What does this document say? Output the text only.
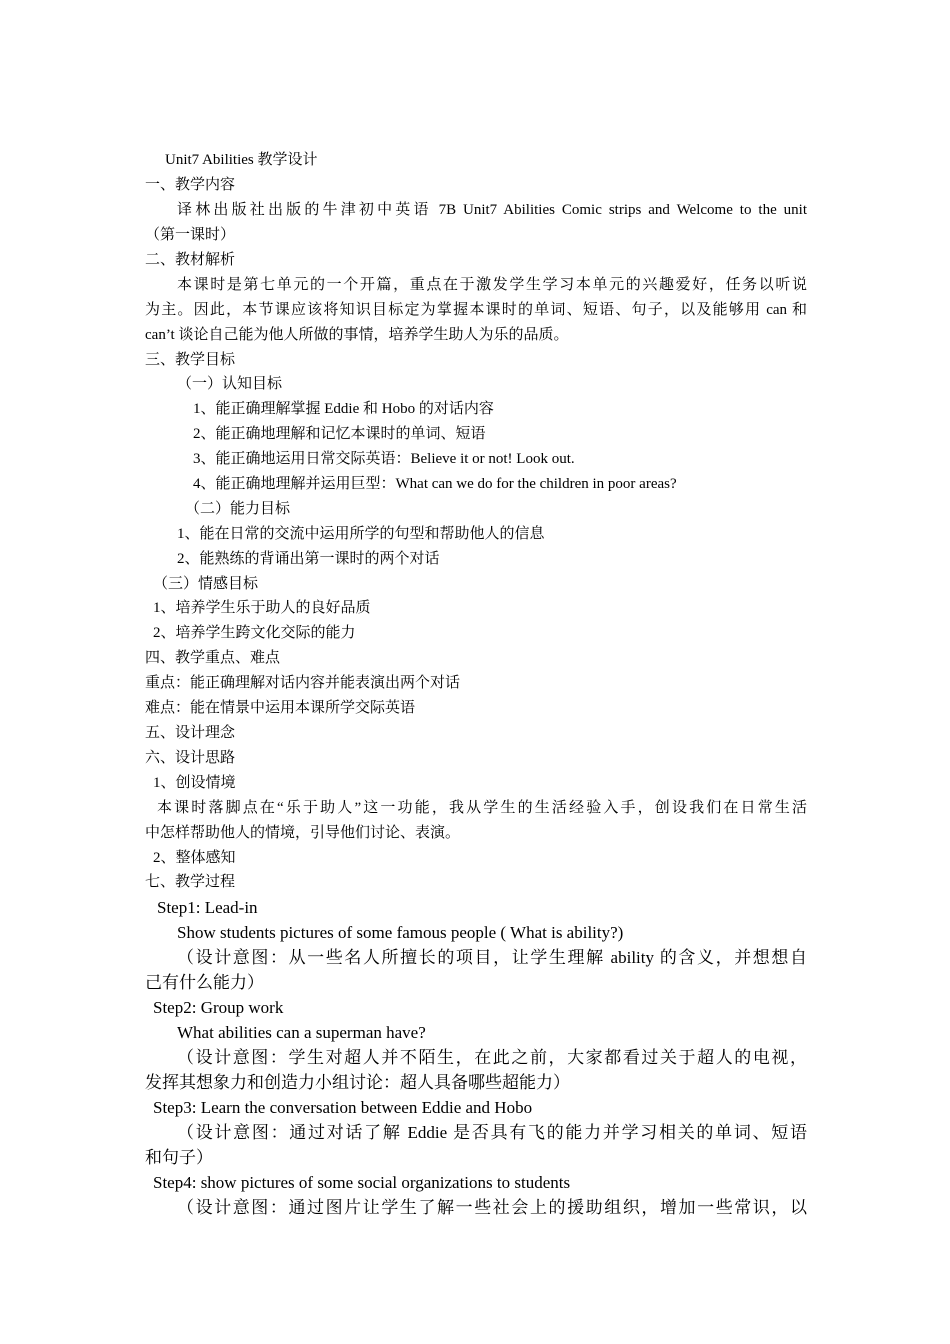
Unit7 Abilities 教学设计
一、教学内容
译林出版社出版的牛津初中英语 7B Unit7 Abilities Comic strips and Welcome to the unit
（第一课时）
二、教材解析
本课时是第七单元的一个开篇，重点在于激发学生学习本单元的兴趣爱好，任务以听说
为主。因此，本节课应该将知识目标定为掌握本课时的单词、短语、句子，以及能够用 can 和
can’t 谈论自己能为他人所做的事情，培养学生助人为乐的品质。
三、教学目标
（一）认知目标
1、能正确理解掌握 Eddie 和 Hobo 的对话内容
2、能正确地理解和记忆本课时的单词、短语
3、能正确地运用日常交际英语：Believe it or not! Look out.
4、能正确地理解并运用巨型：What can we do for the children in poor areas?
（二）能力目标
1、能在日常的交流中运用所学的句型和帮助他人的信息
2、能熟练的背诵出第一课时的两个对话
（三）情感目标
1、培养学生乐于助人的良好品质
2、培养学生跨文化交际的能力
四、教学重点、难点
重点：能正确理解对话内容并能表演出两个对话
难点：能在情景中运用本课所学交际英语
五、设计理念
六、设计思路
1、创设情境
本课时落脚点在“乐于助人”这一功能，我从学生的生活经验入手，创设我们在日常生活
中怎样帮助他人的情境，引导他们讨论、表演。
2、整体感知
七、教学过程
Step1: Lead-in
Show students pictures of some famous people ( What is ability?)
（设计意图：从一些名人所擅长的项目，让学生理解 ability 的含义，并想想自
己有什么能力）
Step2: Group work
What abilities can a superman have?
（设计意图：学生对超人并不陌生，在此之前，大家都看过关于超人的电视，
发挥其想象力和创造力小组讨论：超人具备哪些超能力）
Step3: Learn the conversation between Eddie and Hobo
（设计意图：通过对话了解 Eddie 是否具有飞的能力并学习相关的单词、短语
和句子）
Step4: show pictures of some social organizations to students
（设计意图：通过图片让学生了解一些社会上的援助组织，增加一些常识，以
